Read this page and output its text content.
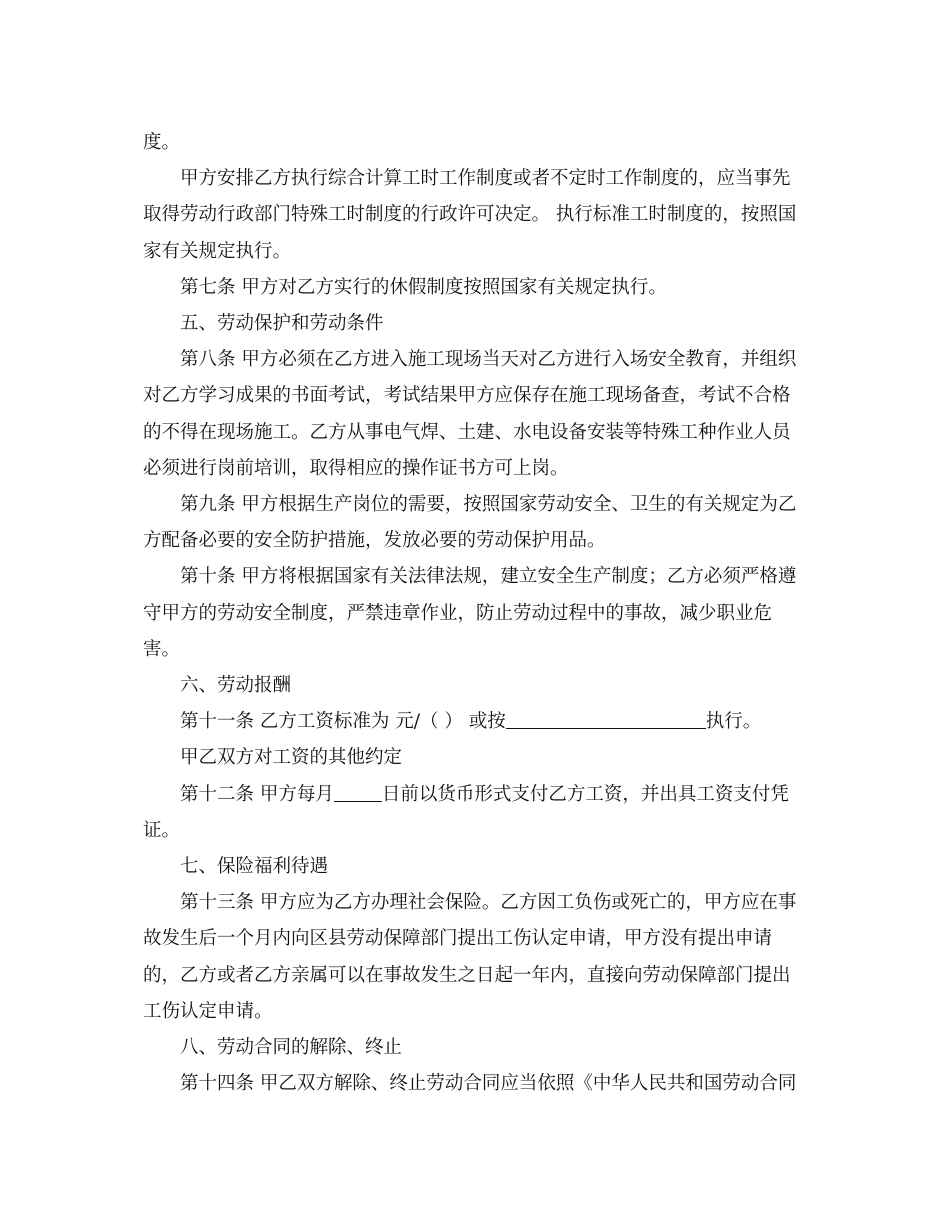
度。
甲方安排乙方执行综合计算工时工作制度或者不定时工作制度的，应当事先
取得劳动行政部门特殊工时制度的行政许可决定。 执行标准工时制度的，按照国
家有关规定执行。
第七条 甲方对乙方实行的休假制度按照国家有关规定执行。
五、劳动保护和劳动条件
第八条 甲方必须在乙方进入施工现场当天对乙方进行入场安全教育，并组织
对乙方学习成果的书面考试，考试结果甲方应保存在施工现场备查，考试不合格
的不得在现场施工。乙方从事电气焊、土建、水电设备安装等特殊工种作业人员
必须进行岗前培训，取得相应的操作证书方可上岗。
第九条 甲方根据生产岗位的需要，按照国家劳动安全、卫生的有关规定为乙
方配备必要的安全防护措施，发放必要的劳动保护用品。
第十条 甲方将根据国家有关法律法规，建立安全生产制度；乙方必须严格遵
守甲方的劳动安全制度，严禁违章作业，防止劳动过程中的事故，减少职业危
害。
六、劳动报酬
第十一条 乙方工资标准为 元/（ ） 或按	执行。
甲乙双方对工资的其他约定
第十二条 甲方每月	日前以货币形式支付乙方工资，并出具工资支付凭
证。
七、保险福利待遇
第十三条 甲方应为乙方办理社会保险。乙方因工负伤或死亡的，甲方应在事
故发生后一个月内向区县劳动保障部门提出工伤认定申请，甲方没有提出申请
的，乙方或者乙方亲属可以在事故发生之日起一年内，直接向劳动保障部门提出
工伤认定申请。
八、劳动合同的解除、终止
第十四条 甲乙双方解除、终止劳动合同应当依照《中华人民共和国劳动合同
